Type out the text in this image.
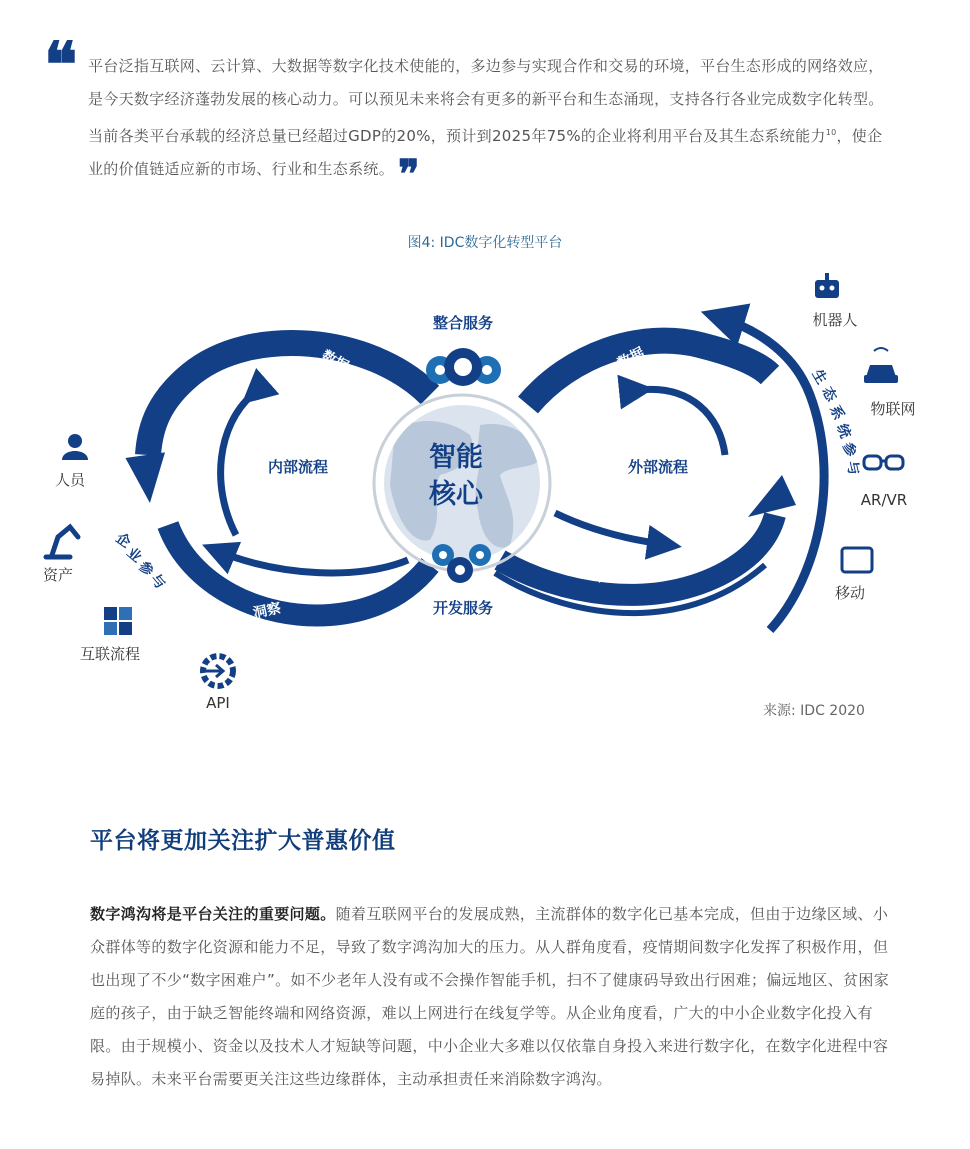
❝ 平台泛指互联网、云计算、大数据等数字化技术使能的，多边参与实现合作和交易的环境，平台生态形成的网络效应，是今天数字经济蓬勃发展的核心动力。可以预见未来将会有更多的新平台和生态涌现，支持各行各业完成数字化转型。当前各类平台承载的经济总量已经超过GDP的20%，预计到2025年75%的企业将利用平台及其生态系统能力$^{10}$，使企业的价值链适应新的市场、行业和生态系统。 ❞
图4: IDC数字化转型平台
智能
核心
整合服务
开发服务
内部流程	外部流程
数据
洞察
数据
行动
企
业
参
与
生
态
系
统
参
与
人员
资产
互联流程
API
机器人
物联网
AR/VR
移动
来源: IDC 2020
平台将更加关注扩大普惠价值
数字鸿沟将是平台关注的重要问题。随着互联网平台的发展成熟，主流群体的数字化已基本完成，但由于边缘区域、小众群体等的数字化资源和能力不足，导致了数字鸿沟加大的压力。从人群角度看，疫情期间数字化发挥了积极作用，但也出现了不少“数字困难户”。如不少老年人没有或不会操作智能手机，扫不了健康码导致出行困难；偏远地区、贫困家庭的孩子，由于缺乏智能终端和网络资源，难以上网进行在线复学等。从企业角度看，广大的中小企业数字化投入有限。由于规模小、资金以及技术人才短缺等问题，中小企业大多难以仅依靠自身投入来进行数字化，在数字化进程中容易掉队。未来平台需要更关注这些边缘群体，主动承担责任来消除数字鸿沟。
